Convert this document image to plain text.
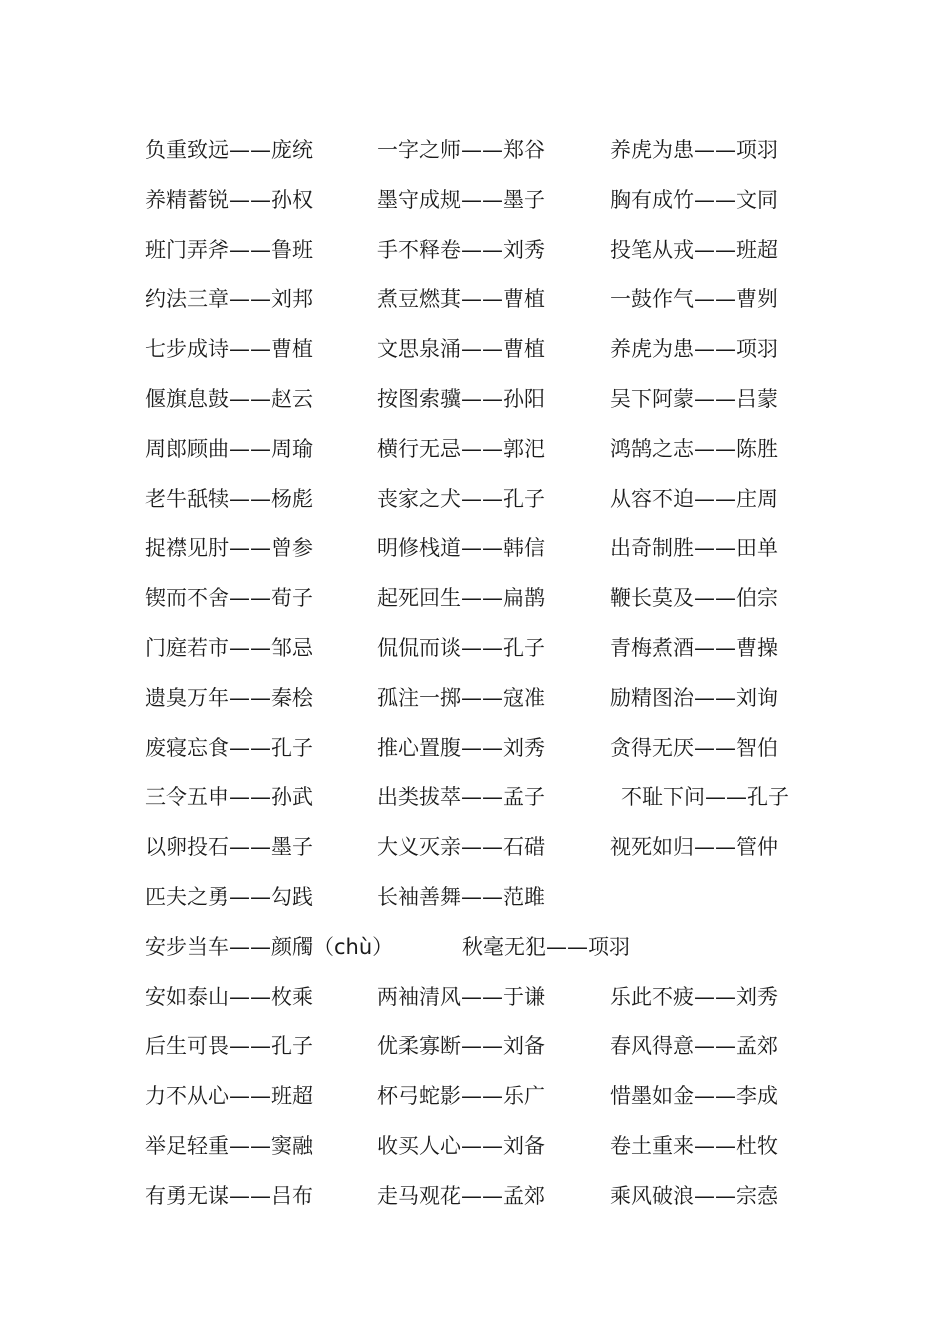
负重致远——庞统	一字之师——郑谷	养虎为患——项羽
养精蓄锐——孙权	墨守成规——墨子	胸有成竹——文同
班门弄斧——鲁班	手不释卷——刘秀	投笔从戎——班超
约法三章——刘邦	煮豆燃萁——曹植	一鼓作气——曹刿
七步成诗——曹植	文思泉涌——曹植	养虎为患——项羽
偃旗息鼓——赵云	按图索骥——孙阳	吴下阿蒙——吕蒙
周郎顾曲——周瑜	横行无忌——郭汜	鸿鹄之志——陈胜
老牛舐犊——杨彪	丧家之犬——孔子	从容不迫——庄周
捉襟见肘——曾参	明修栈道——韩信	出奇制胜——田单
锲而不舍——荀子	起死回生——扁鹊	鞭长莫及——伯宗
门庭若市——邹忌	侃侃而谈——孔子	青梅煮酒——曹操
遗臭万年——秦桧	孤注一掷——寇准	励精图治——刘询
废寝忘食——孔子	推心置腹——刘秀	贪得无厌——智伯
三令五申——孙武	出类拔萃——孟子	不耻下问——孔子
以卵投石——墨子	大义灭亲——石碏	视死如归——管仲
匹夫之勇——勾践	长袖善舞——范雎
安步当车——颜斶（chù）	秋毫无犯——项羽
安如泰山——枚乘	两袖清风——于谦	乐此不疲——刘秀
后生可畏——孔子	优柔寡断——刘备	春风得意——孟郊
力不从心——班超	杯弓蛇影——乐广	惜墨如金——李成
举足轻重——窦融	收买人心——刘备	卷土重来——杜牧
有勇无谋——吕布	走马观花——孟郊	乘风破浪——宗悫
